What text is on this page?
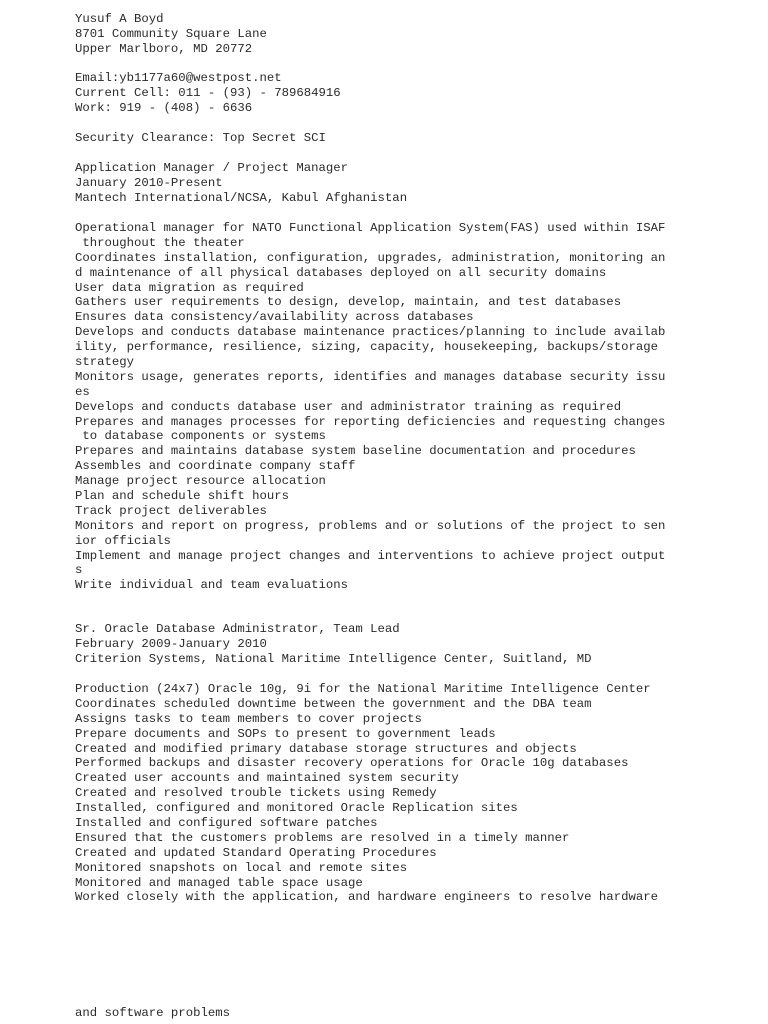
Yusuf A Boyd
8701 Community Square Lane
Upper Marlboro, MD 20772
Email:yb1177a60@westpost.net
Current Cell: 011 - (93) - 789684916
Work: 919 - (408) - 6636
Security Clearance: Top Secret SCI
Application Manager / Project Manager
January 2010-Present
Mantech International/NCSA, Kabul Afghanistan
Operational manager for NATO Functional Application System(FAS) used within ISAF
throughout the theater
Coordinates installation, configuration, upgrades, administration, monitoring an
d maintenance of all physical databases deployed on all security domains
User data migration as required
Gathers user requirements to design, develop, maintain, and test databases
Ensures data consistency/availability across databases
Develops and conducts database maintenance practices/planning to include availab
ility, performance, resilience, sizing, capacity, housekeeping, backups/storage
strategy
Monitors usage, generates reports, identifies and manages database security issu
es
Develops and conducts database user and administrator training as required
Prepares and manages processes for reporting deficiencies and requesting changes
to database components or systems
Prepares and maintains database system baseline documentation and procedures
Assembles and coordinate company staff
Manage project resource allocation
Plan and schedule shift hours
Track project deliverables
Monitors and report on progress, problems and or solutions of the project to sen
ior officials
Implement and manage project changes and interventions to achieve project output
s
Write individual and team evaluations
Sr. Oracle Database Administrator, Team Lead
February 2009-January 2010
Criterion Systems, National Maritime Intelligence Center, Suitland, MD
Production (24x7) Oracle 10g, 9i for the National Maritime Intelligence Center
Coordinates scheduled downtime between the government and the DBA team
Assigns tasks to team members to cover projects
Prepare documents and SOPs to present to government leads
Created and modified primary database storage structures and objects
Performed backups and disaster recovery operations for Oracle 10g databases
Created user accounts and maintained system security
Created and resolved trouble tickets using Remedy
Installed, configured and monitored Oracle Replication sites
Installed and configured software patches
Ensured that the customers problems are resolved in a timely manner
Created and updated Standard Operating Procedures
Monitored snapshots on local and remote sites
Monitored and managed table space usage
Worked closely with the application, and hardware engineers to resolve hardware
and software problems
